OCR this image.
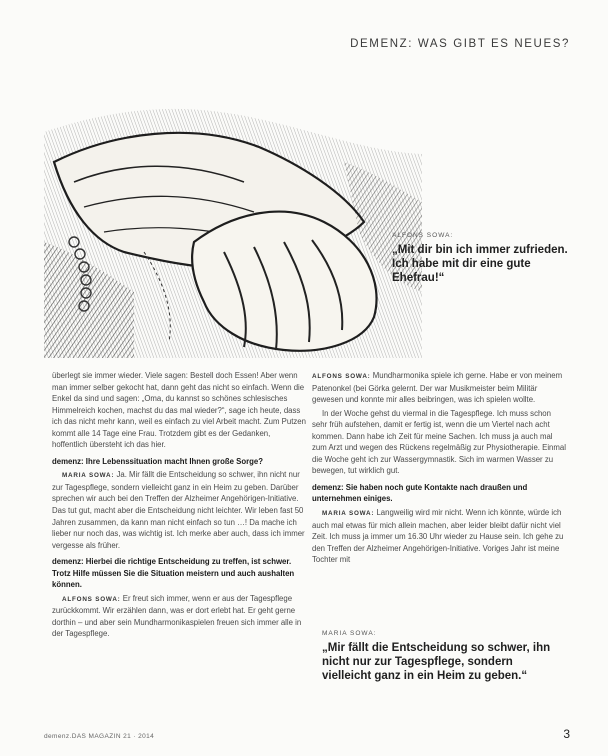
DEMENZ: WAS GIBT ES NEUES?
ALFONS SOWA:

„Mit dir bin ich immer zufrieden. Ich habe mit dir eine gute Ehefrau!“

überlegt sie immer wieder. Viele sagen: Bestell doch Essen! Aber wenn man immer selber gekocht hat, dann geht das nicht so einfach. Wenn die Enkel da sind und sagen: „Oma, du kannst so schönes schlesisches Himmelreich kochen, machst du das mal wieder?“, sage ich heute, dass ich das nicht mehr kann, weil es einfach zu viel Arbeit macht. Zum Putzen kommt alle 14 Tage eine Frau. Trotzdem gibt es der Gedanken, hoffentlich übersteht ich das hier.

demenz: Ihre Lebenssituation macht Ihnen große Sorge?

MARIA SOWA: Ja. Mir fällt die Entscheidung so schwer, ihn nicht nur zur Tagespflege, sondern vielleicht ganz in ein Heim zu geben. Darüber sprechen wir auch bei den Treffen der Alzheimer Angehörigen-Initiative. Das tut gut, macht aber die Entscheidung nicht leichter. Wir leben fast 50 Jahren zusammen, da kann man nicht einfach so tun …! Da mache ich lieber nur noch das, was wichtig ist. Ich merke aber auch, dass ich immer vergesse als früher.

demenz: Hierbei die richtige Entscheidung zu treffen, ist schwer. Trotz Hilfe müssen Sie die Situation meistern und auch aushalten können.

ALFONS SOWA: Er freut sich immer, wenn er aus der Tagespflege zurückkommt. Wir erzählen dann, was er dort erlebt hat. Er geht gerne dorthin – und aber sein Mundharmonikaspielen freuen sich immer alle in der Tagespflege.

ALFONS SOWA: Mundharmonika spiele ich gerne. Habe er von meinem Patenonkel (bei Görka gelernt. Der war Musikmeister beim Militär gewesen und konnte mir alles beibringen, was ich spielen wollte.

In der Woche gehst du viermal in die Tagespflege. Ich muss schon sehr früh aufstehen, damit er fertig ist, wenn die um Viertel nach acht kommen. Dann habe ich Zeit für meine Sachen. Ich muss ja auch mal zum Arzt und wegen des Rückens regelmäßig zur Physiotherapie. Einmal die Woche geht ich zur Wassergymnastik. Sich im warmen Wasser zu bewegen, tut wirklich gut.

demenz: Sie haben noch gute Kontakte nach draußen und unternehmen einiges.

MARIA SOWA: Langweilig wird mir nicht. Wenn ich könnte, würde ich auch mal etwas für mich allein machen, aber leider bleibt dafür nicht viel Zeit. Ich muss ja immer um 16.30 Uhr wieder zu Hause sein. Ich gehe zu den Treffen der Alzheimer Angehörigen-Initiative. Voriges Jahr ist meine Tochter mit

MARIA SOWA:

„Mir fällt die Entscheidung so schwer, ihn nicht nur zur Tagespflege, sondern vielleicht ganz in ein Heim zu geben.“

demenz.DAS MAGAZIN 21 · 2014	3
